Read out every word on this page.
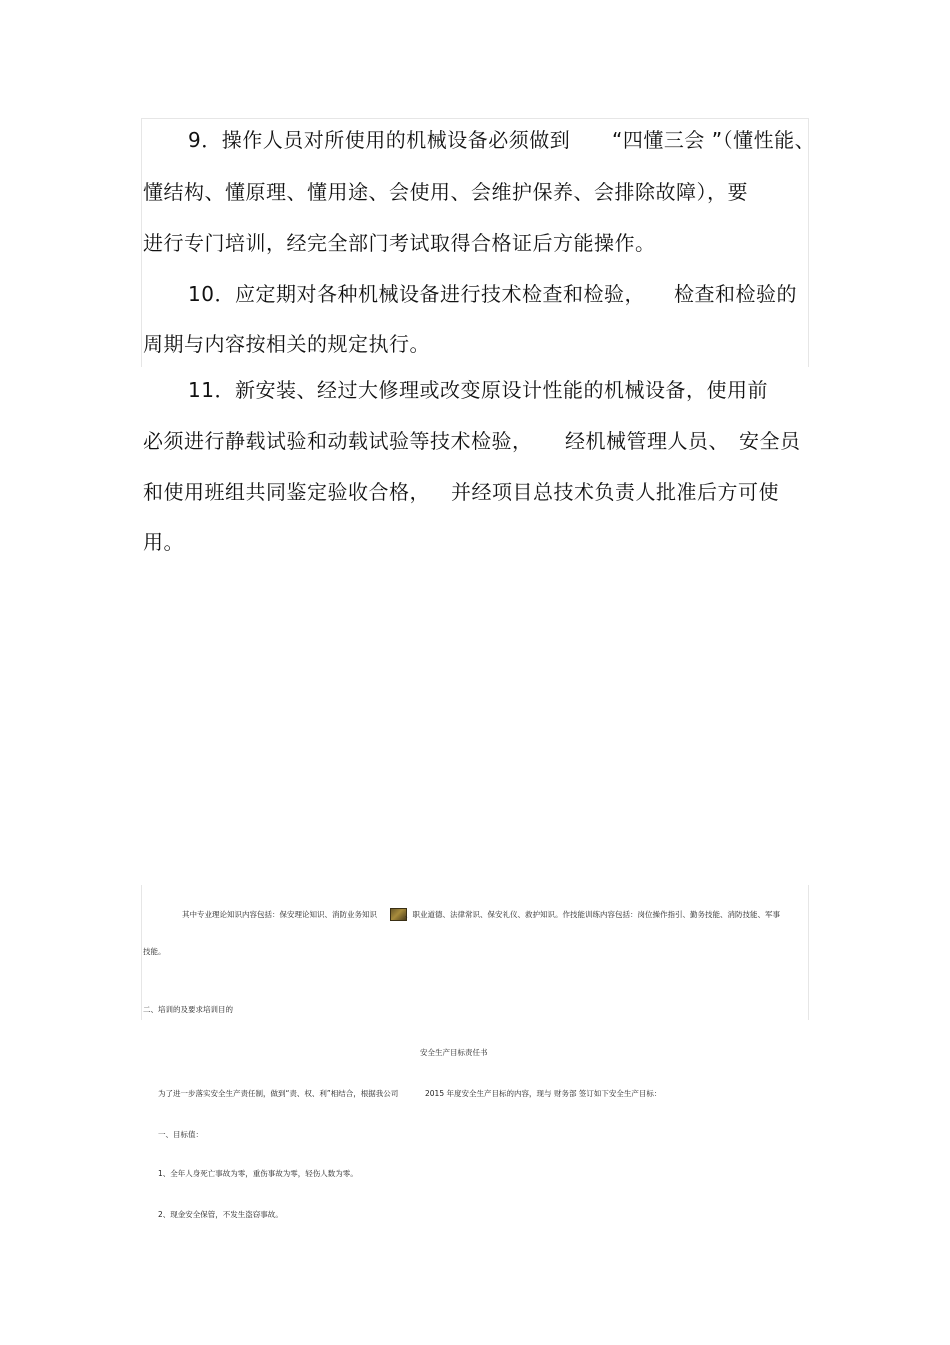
9．操作人员对所使用的机械设备必须做到 “四懂三会 ”（懂性能、
懂结构、懂原理、懂用途、会使用、会维护保养、会排除故障），要
进行专门培训，经完全部门考试取得合格证后方能操作。
10．应定期对各种机械设备进行技术检查和检验， 检查和检验的
周期与内容按相关的规定执行。
11．新安装、经过大修理或改变原设计性能的机械设备，使用前
必须进行静载试验和动载试验等技术检验， 经机械管理人员、 安全员
和使用班组共同鉴定验收合格， 并经项目总技术负责人批准后方可使
用。
其中专业理论知识内容包括：保安理论知识、消防业务知识	、职业道德、法律常识、保安礼仪、救护知识。作技能训练内容包括：岗位操作指引、勤务技能、消防技能、军事
技能。
二、培训的及要求培训目的
安全生产目标责任书
为了进一步落实安全生产责任制，做到“责、权、利”相结合，根据我公司	2015 年度安全生产目标的内容，现与 财务部 签订如下安全生产目标：
一、目标值：
1、全年人身死亡事故为零，重伤事故为零，轻伤人数为零。
2、现金安全保管，不发生盗窃事故。
